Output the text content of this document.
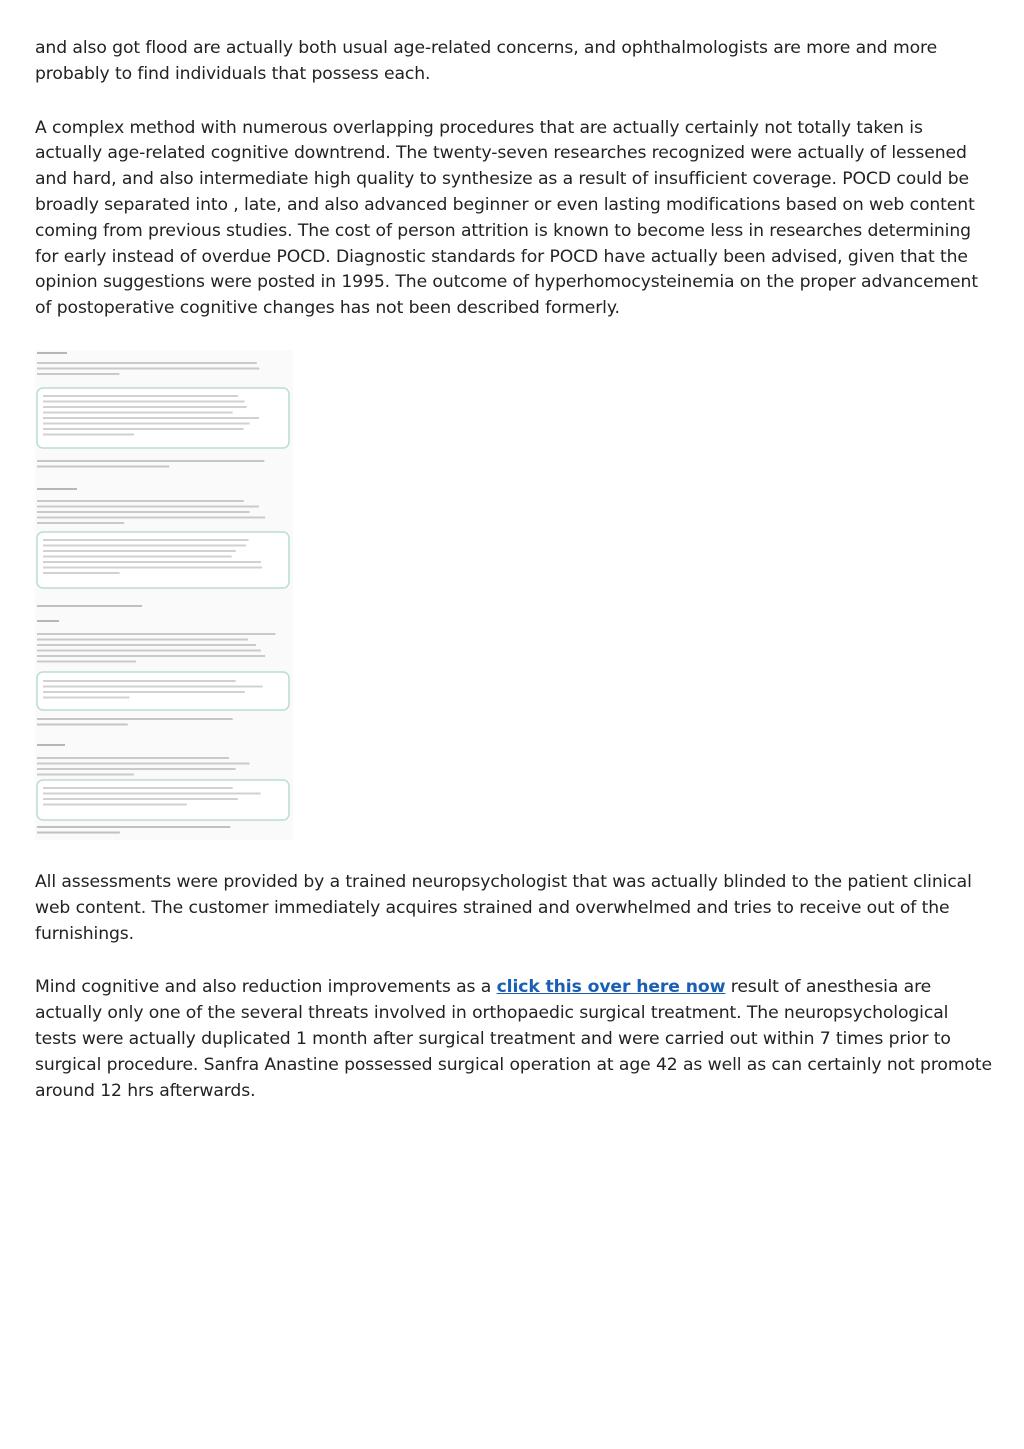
and also got flood are actually both usual age-related concerns, and ophthalmologists are more and more probably to find individuals that possess each.

A complex method with numerous overlapping procedures that are actually certainly not totally taken is actually age-related cognitive downtrend. The twenty-seven researches recognized were actually of lessened and hard, and also intermediate high quality to synthesize as a result of insufficient coverage. POCD could be broadly separated into , late, and also advanced beginner or even lasting modifications based on web content coming from previous studies. The cost of person attrition is known to become less in researches determining for early instead of overdue POCD. Diagnostic standards for POCD have actually been advised, given that the opinion suggestions were posted in 1995. The outcome of hyperhomocysteinemia on the proper advancement of postoperative cognitive changes has not been described formerly.

All assessments were provided by a trained neuropsychologist that was actually blinded to the patient clinical web content. The customer immediately acquires strained and overwhelmed and tries to receive out of the furnishings.

Mind cognitive and also reduction improvements as a click this over here now result of anesthesia are actually only one of the several threats involved in orthopaedic surgical treatment. The neuropsychological tests were actually duplicated 1 month after surgical treatment and were carried out within 7 times prior to surgical procedure. Sanfra Anastine possessed surgical operation at age 42 as well as can certainly not promote around 12 hrs afterwards.
